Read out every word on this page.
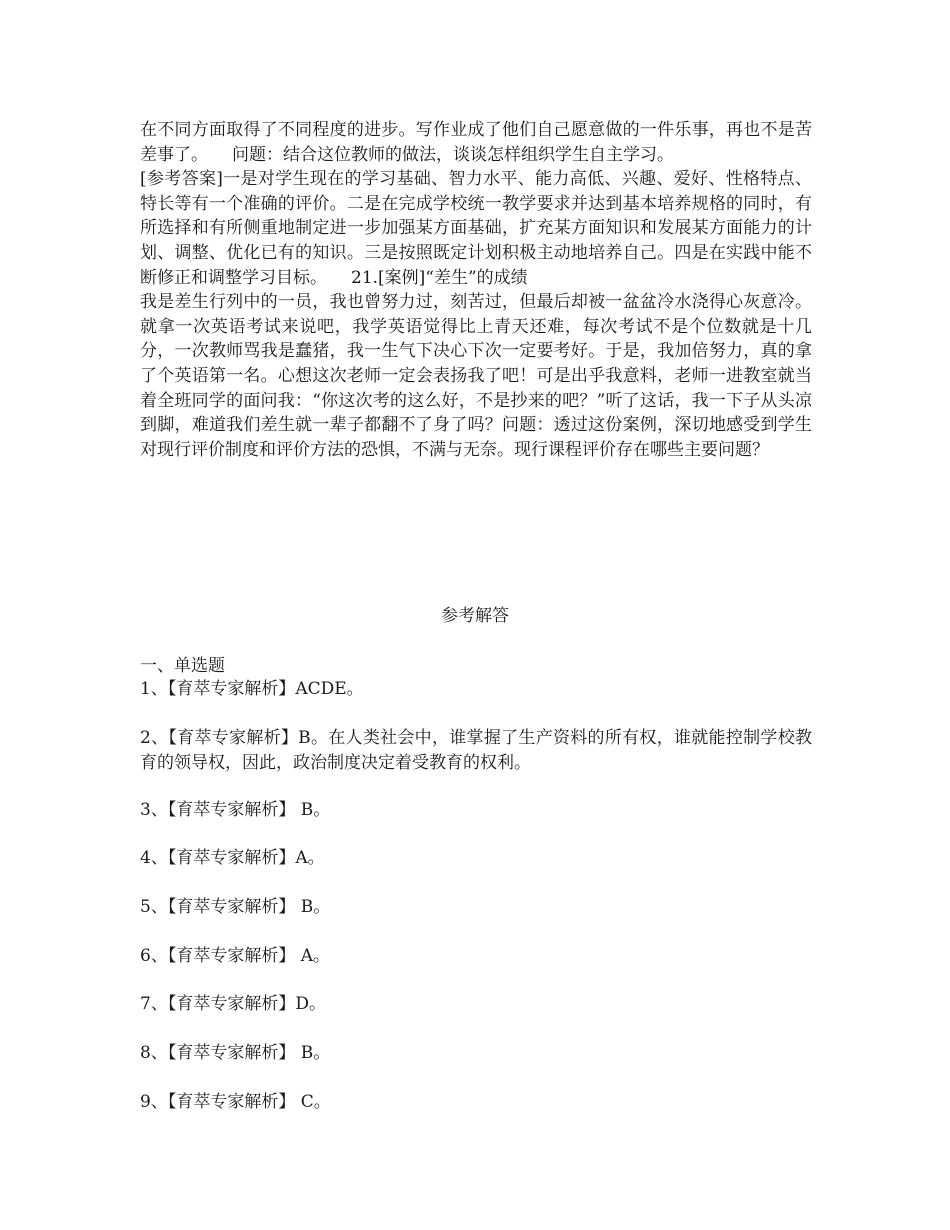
在不同方面取得了不同程度的进步。写作业成了他们自己愿意做的一件乐事，再也不是苦差事了。 问题：结合这位教师的做法，谈谈怎样组织学生自主学习。
[参考答案]一是对学生现在的学习基础、智力水平、能力高低、兴趣、爱好、性格特点、特长等有一个准确的评价。二是在完成学校统一教学要求并达到基本培养规格的同时，有所选择和有所侧重地制定进一步加强某方面基础，扩充某方面知识和发展某方面能力的计划、调整、优化已有的知识。三是按照既定计划积极主动地培养自己。四是在实践中能不断修正和调整学习目标。 21.[案例]“差生”的成绩
我是差生行列中的一员，我也曾努力过，刻苦过，但最后却被一盆盆冷水浇得心灰意冷。就拿一次英语考试来说吧，我学英语觉得比上青天还难，每次考试不是个位数就是十几分，一次教师骂我是蠢猪，我一生气下决心下次一定要考好。于是，我加倍努力，真的拿了个英语第一名。心想这次老师一定会表扬我了吧！可是出乎我意料，老师一进教室就当着全班同学的面问我：“你这次考的这么好，不是抄来的吧？”听了这话，我一下子从头凉到脚，难道我们差生就一辈子都翻不了身了吗？问题：透过这份案例，深切地感受到学生对现行评价制度和评价方法的恐惧，不满与无奈。现行课程评价存在哪些主要问题？

参考解答

一、单选题

1、【育萃专家解析】ACDE。

2、【育萃专家解析】B。在人类社会中，谁掌握了生产资料的所有权，谁就能控制学校教育的领导权，因此，政治制度决定着受教育的权利。

3、【育萃专家解析】 B。

4、【育萃专家解析】A。

5、【育萃专家解析】 B。

6、【育萃专家解析】 A。

7、【育萃专家解析】D。

8、【育萃专家解析】 B。

9、【育萃专家解析】 C。
